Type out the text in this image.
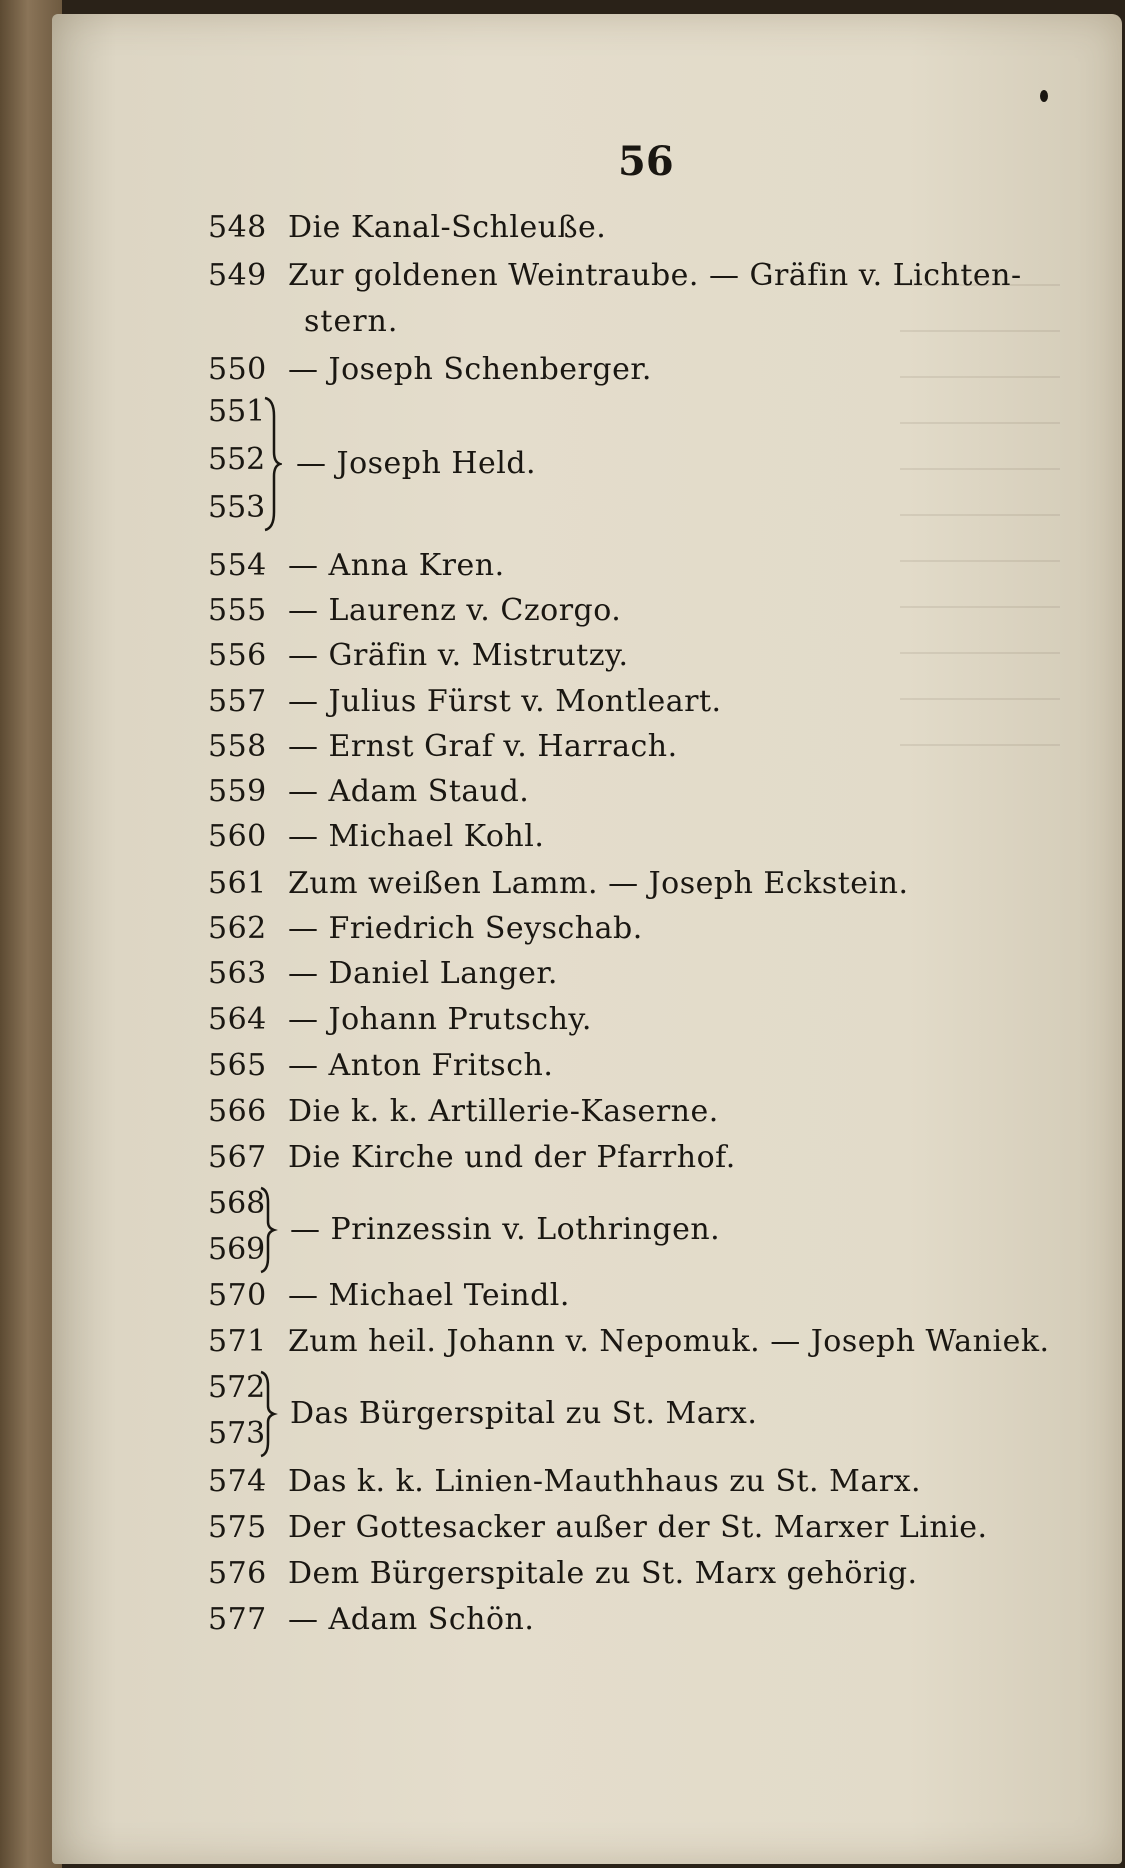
56
548 Die Kanal-Schleuße.
549 Zur goldenen Weintraube. — Gräfin v. Lichten-
stern.
550 — Joseph Schenberger.
551
552
553
— Joseph Held.
554 — Anna Kren.
555 — Laurenz v. Czorgo.
556 — Gräfin v. Mistrutzy.
557 — Julius Fürst v. Montleart.
558 — Ernst Graf v. Harrach.
559 — Adam Staud.
560 — Michael Kohl.
561 Zum weißen Lamm. — Joseph Eckstein.
562 — Friedrich Seyschab.
563 — Daniel Langer.
564 — Johann Prutschy.
565 — Anton Fritsch.
566 Die k. k. Artillerie-Kaserne.
567 Die Kirche und der Pfarrhof.
568
569
— Prinzessin v. Lothringen.
570 — Michael Teindl.
571 Zum heil. Johann v. Nepomuk. — Joseph Waniek.
572
573
Das Bürgerspital zu St. Marx.
574 Das k. k. Linien-Mauthhaus zu St. Marx.
575 Der Gottesacker außer der St. Marxer Linie.
576 Dem Bürgerspitale zu St. Marx gehörig.
577 — Adam Schön.
